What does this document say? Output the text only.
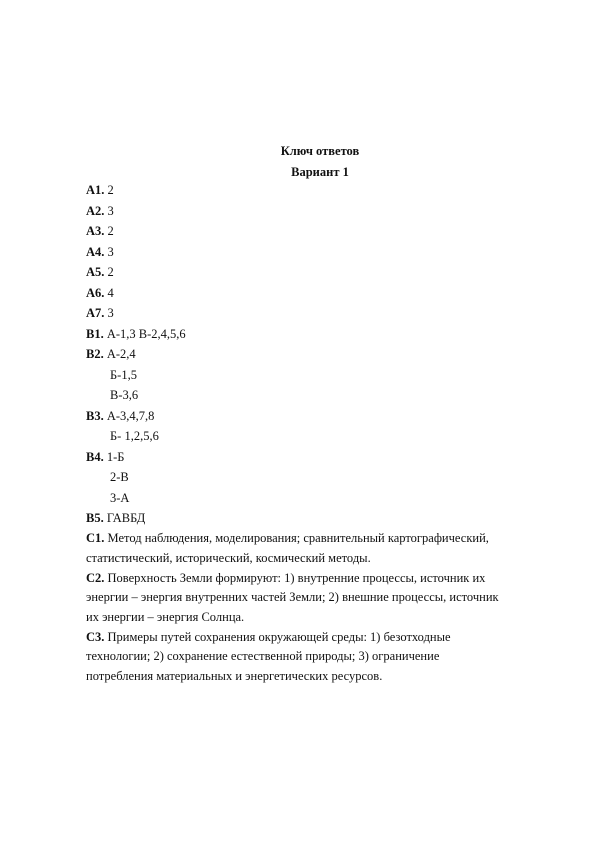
Ключ ответов
Вариант 1
А1. 2
А2. 3
А3. 2
А4. 3
А5. 2
А6. 4
А7. 3
В1. А-1,3 В-2,4,5,6
В2. А-2,4
Б-1,5
В-3,6
В3. А-3,4,7,8
Б- 1,2,5,6
В4. 1-Б
2-В
3-А
В5. ГАВБД
С1. Метод наблюдения, моделирования; сравнительный картографический,
статистический, исторический, космический методы.
С2. Поверхность Земли формируют: 1) внутренние процессы, источник их
энергии – энергия внутренних частей Земли; 2) внешние процессы, источник
их энергии – энергия Солнца.
С3. Примеры путей сохранения окружающей среды: 1) безотходные
технологии; 2) сохранение естественной природы; 3) ограничение
потребления материальных и энергетических ресурсов.
